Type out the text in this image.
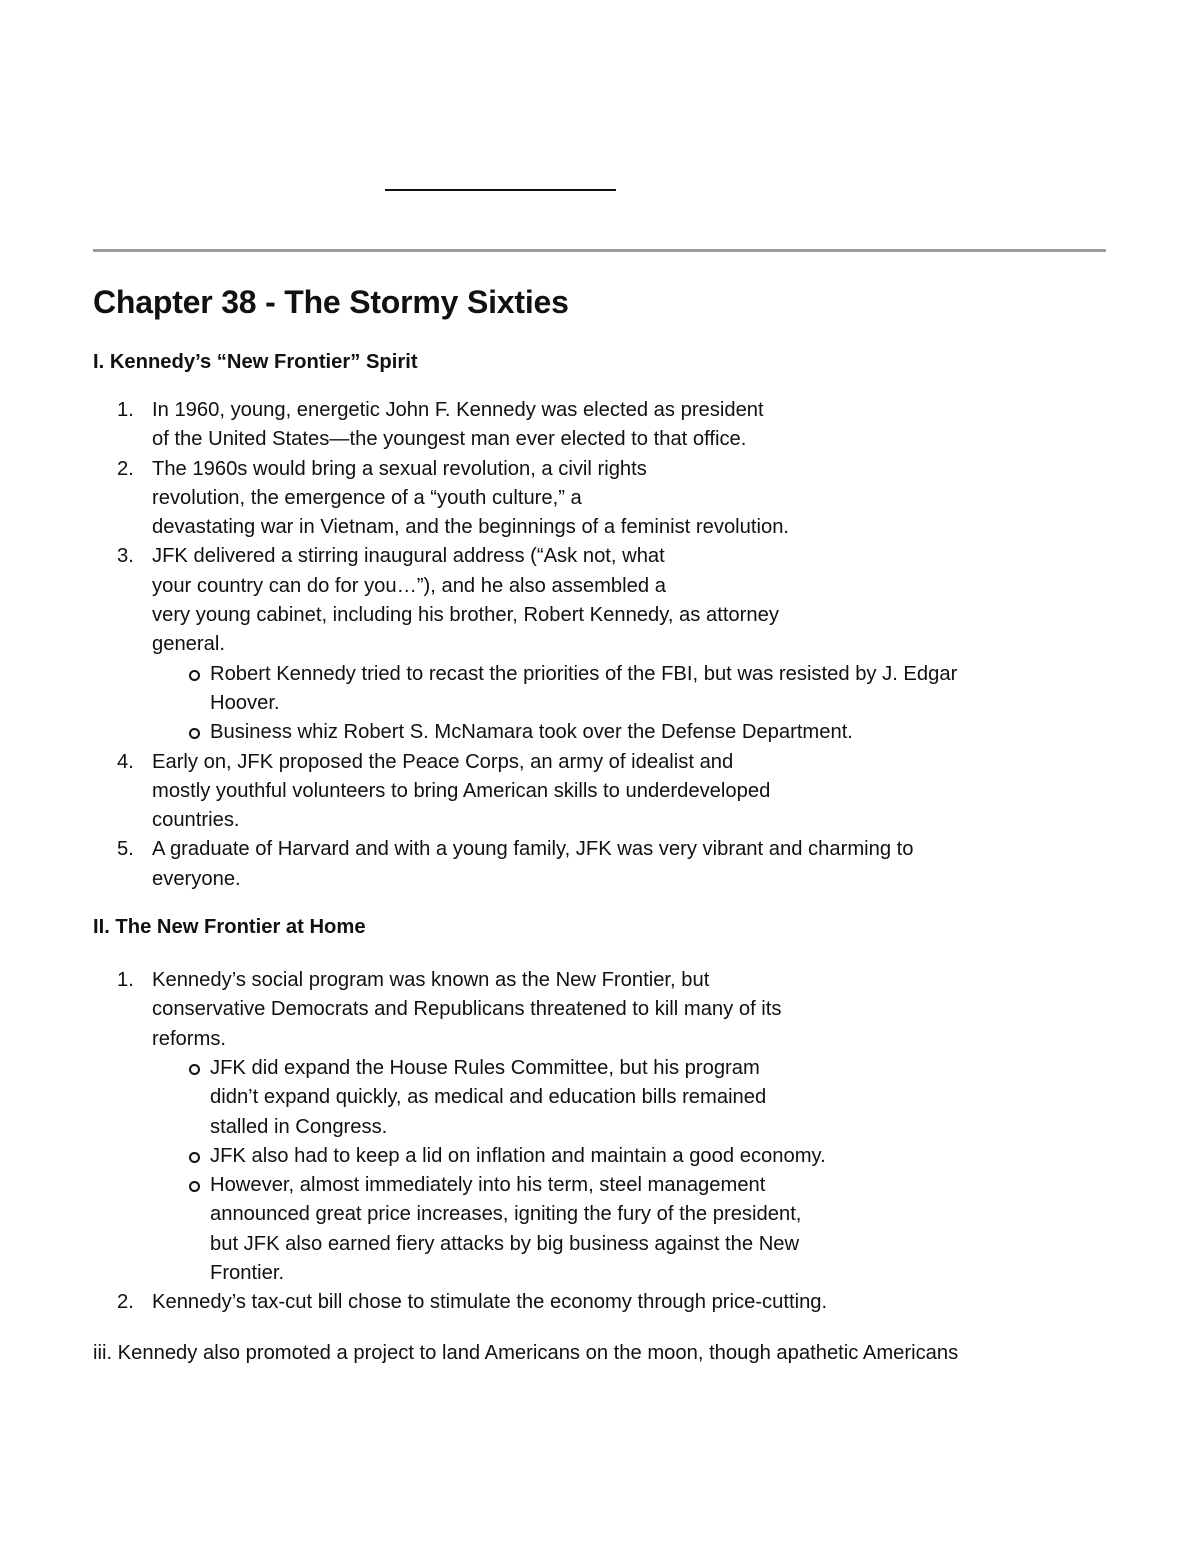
Chapter 38 - The Stormy Sixties
I. Kennedy’s “New Frontier” Spirit
1. In 1960, young, energetic John F. Kennedy was elected as president
of the United States—the youngest man ever elected to that office.
2. The 1960s would bring a sexual revolution, a civil rights
revolution, the emergence of a “youth culture,” a
devastating war in Vietnam, and the beginnings of a feminist revolution.
3. JFK delivered a stirring inaugural address (“Ask not, what
your country can do for you…”), and he also assembled a
very young cabinet, including his brother, Robert Kennedy, as attorney
general.
Robert Kennedy tried to recast the priorities of the FBI, but was resisted by J. Edgar
Hoover.
Business whiz Robert S. McNamara took over the Defense Department.
4. Early on, JFK proposed the Peace Corps, an army of idealist and
mostly youthful volunteers to bring American skills to underdeveloped
countries.
5. A graduate of Harvard and with a young family, JFK was very vibrant and charming to
everyone.
II. The New Frontier at Home
1. Kennedy’s social program was known as the New Frontier, but
conservative Democrats and Republicans threatened to kill many of its
reforms.
JFK did expand the House Rules Committee, but his program
didn’t expand quickly, as medical and education bills remained
stalled in Congress.
JFK also had to keep a lid on inflation and maintain a good economy.
However, almost immediately into his term, steel management
announced great price increases, igniting the fury of the president,
but JFK also earned fiery attacks by big business against the New
Frontier.
2. Kennedy’s tax-cut bill chose to stimulate the economy through price-cutting.

iii. Kennedy also promoted a project to land Americans on the moon, though apathetic Americans
